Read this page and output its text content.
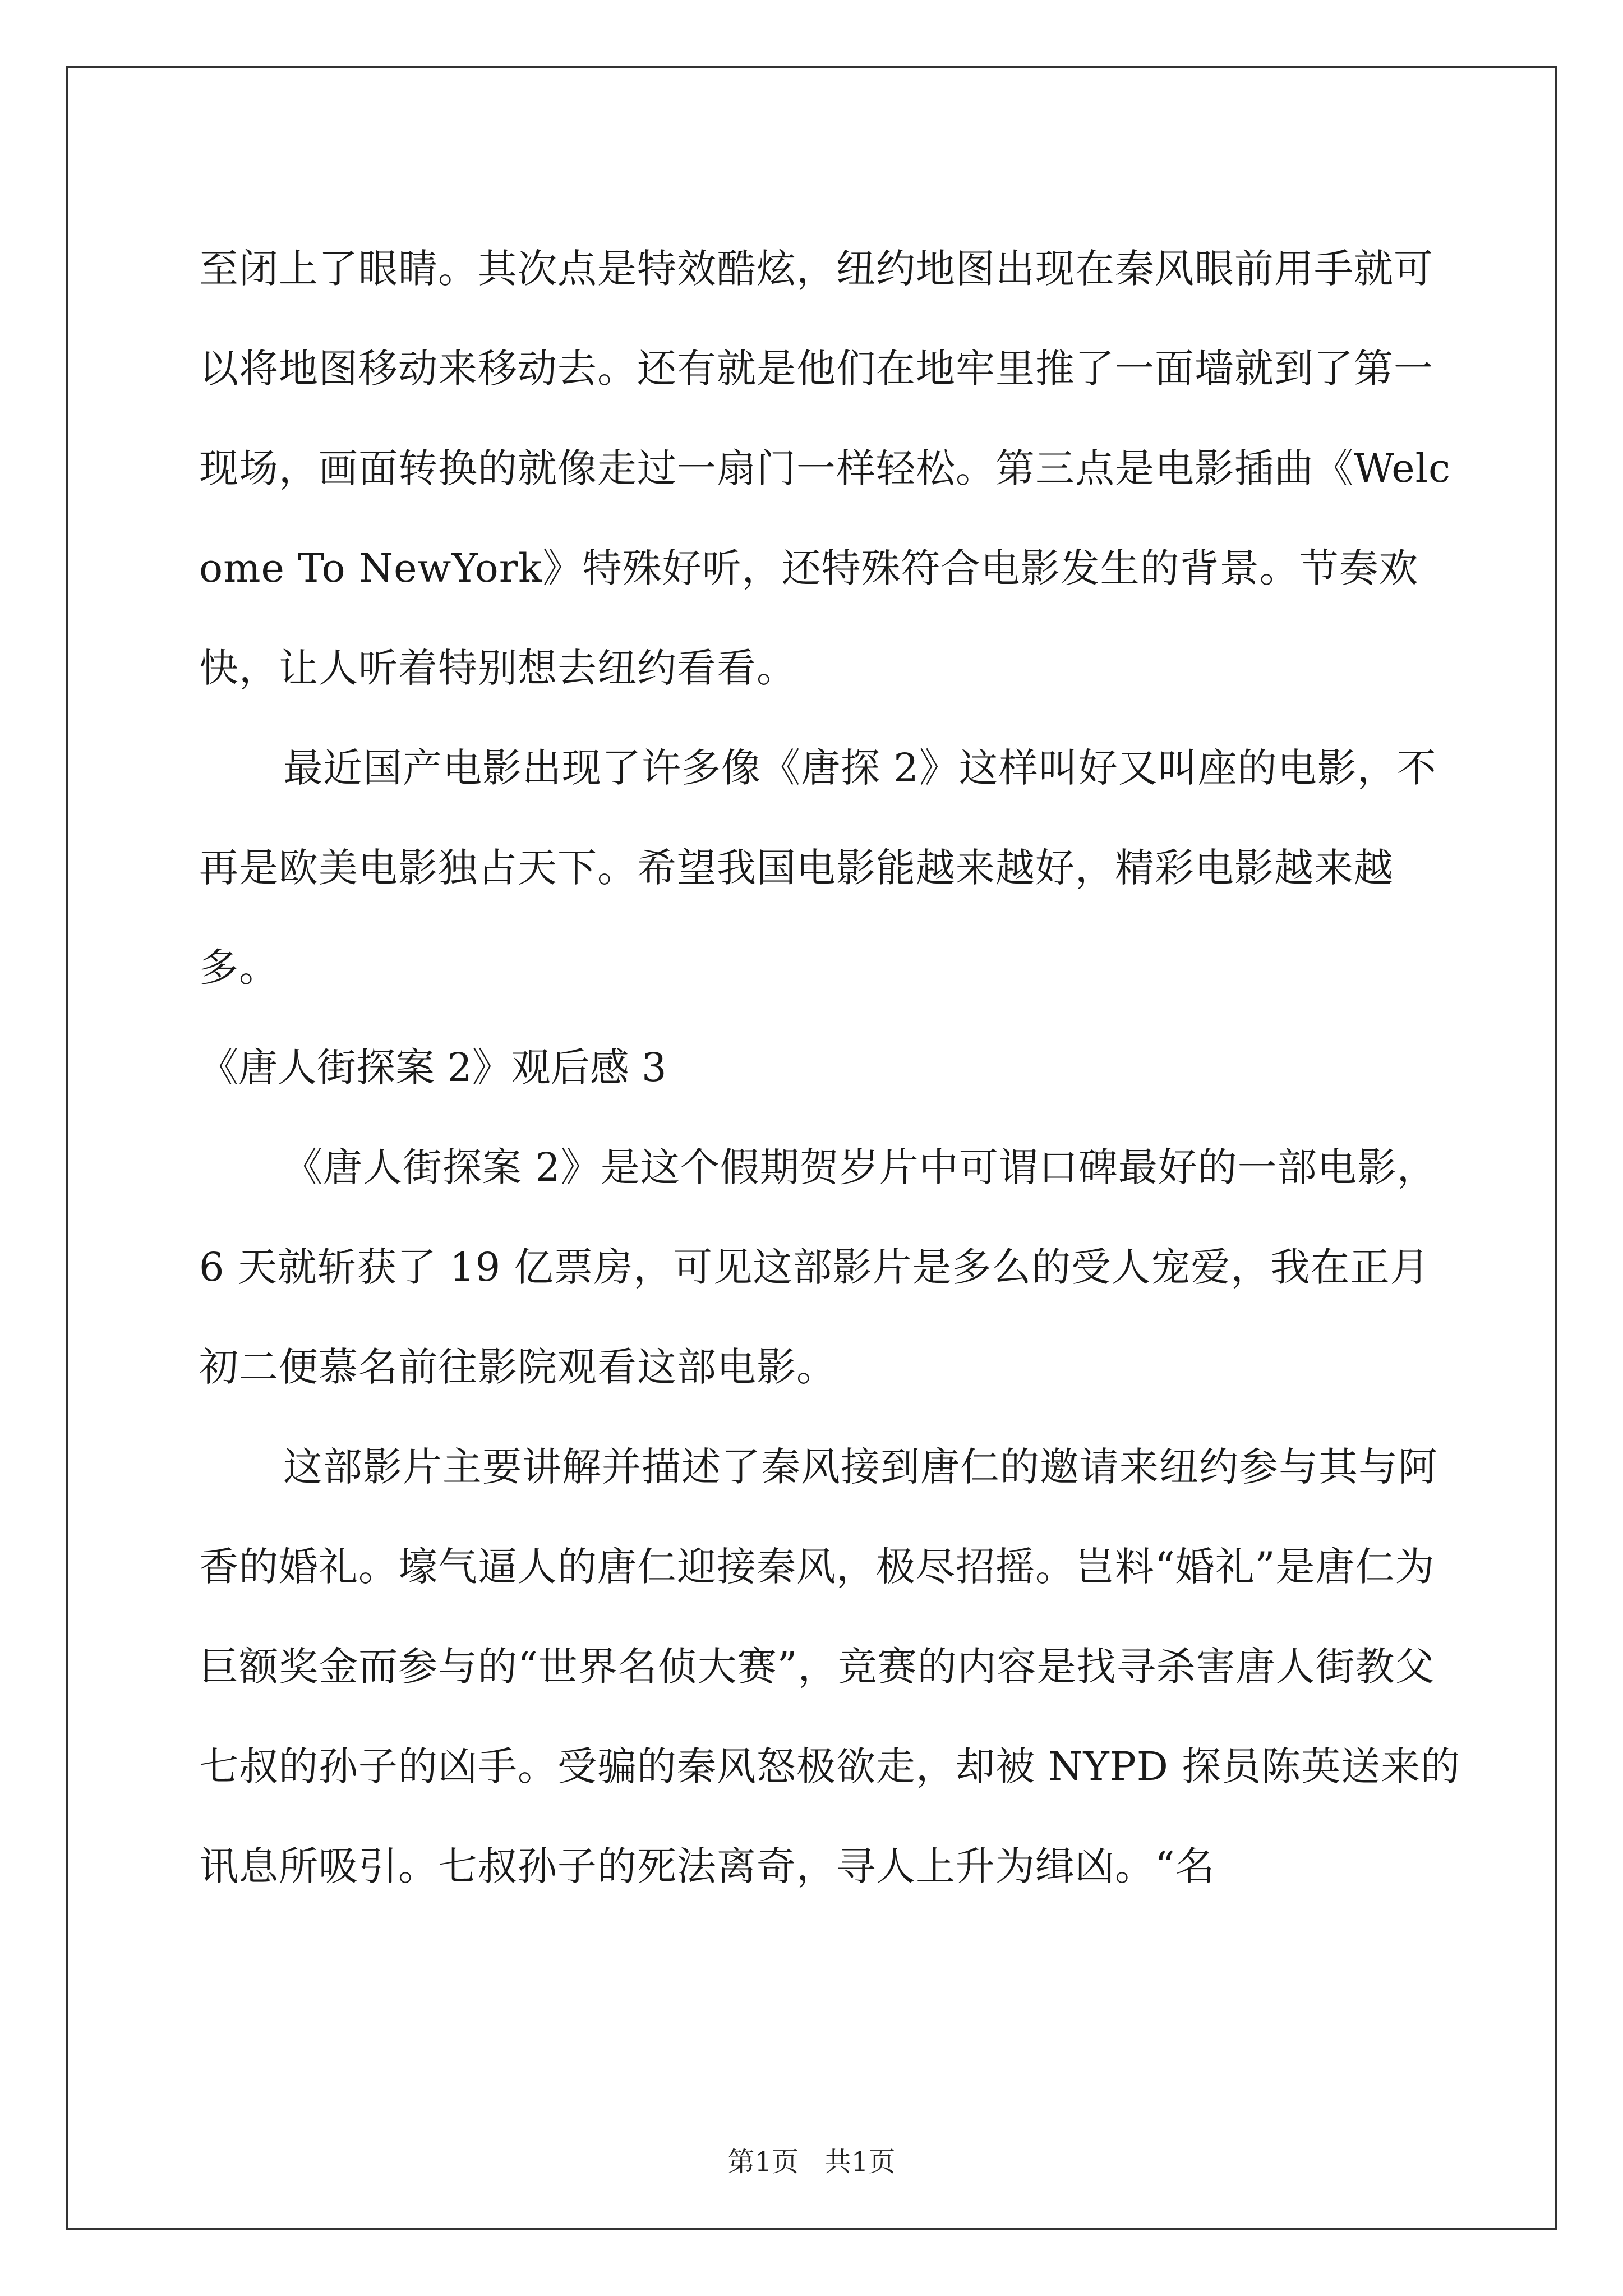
至闭上了眼睛。其次点是特效酷炫，纽约地图出现在秦风眼前用手就可以将地图移动来移动去。还有就是他们在地牢里推了一面墙就到了第一现场，画面转换的就像走过一扇门一样轻松。第三点是电影插曲《Welcome To NewYork》特殊好听，还特殊符合电影发生的背景。节奏欢快，让人听着特别想去纽约看看。

最近国产电影出现了许多像《唐探 2》这样叫好又叫座的电影，不再是欧美电影独占天下。希望我国电影能越来越好，精彩电影越来越多。

《唐人街探案 2》观后感 3

《唐人街探案 2》是这个假期贺岁片中可谓口碑最好的一部电影，6 天就斩获了 19 亿票房，可见这部影片是多么的受人宠爱，我在正月初二便慕名前往影院观看这部电影。

这部影片主要讲解并描述了秦风接到唐仁的邀请来纽约参与其与阿香的婚礼。壕气逼人的唐仁迎接秦风，极尽招摇。岂料“婚礼”是唐仁为巨额奖金而参与的“世界名侦大赛”，竞赛的内容是找寻杀害唐人街教父七叔的孙子的凶手。受骗的秦风怒极欲走，却被 NYPD 探员陈英送来的讯息所吸引。七叔孙子的死法离奇，寻人上升为缉凶。“名

第1页   共1页
